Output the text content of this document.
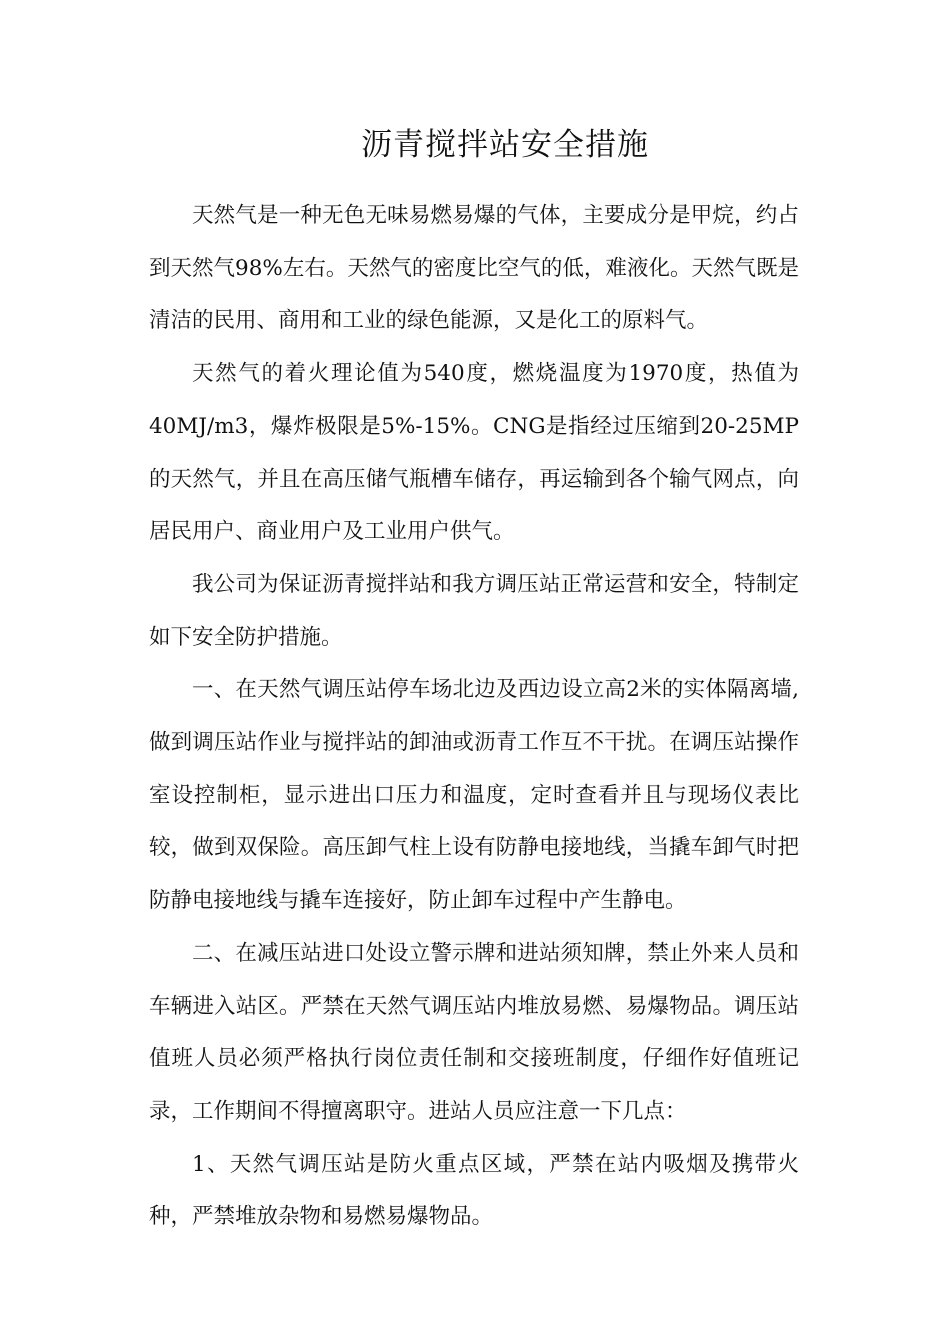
沥青搅拌站安全措施

天然气是一种无色无味易燃易爆的气体，主要成分是甲烷，约占到天然气98%左右。天然气的密度比空气的低，难液化。天然气既是清洁的民用、商用和工业的绿色能源，又是化工的原料气。

天然气的着火理论值为540度，燃烧温度为1970度，热值为40MJ/m3，爆炸极限是5%-15%。CNG是指经过压缩到20-25MP的天然气，并且在高压储气瓶槽车储存，再运输到各个输气网点，向居民用户、商业用户及工业用户供气。

我公司为保证沥青搅拌站和我方调压站正常运营和安全，特制定如下安全防护措施。

一、在天然气调压站停车场北边及西边设立高2米的实体隔离墙,做到调压站作业与搅拌站的卸油或沥青工作互不干扰。在调压站操作室设控制柜，显示进出口压力和温度，定时查看并且与现场仪表比较，做到双保险。高压卸气柱上设有防静电接地线，当撬车卸气时把防静电接地线与撬车连接好，防止卸车过程中产生静电。

二、在减压站进口处设立警示牌和进站须知牌，禁止外来人员和车辆进入站区。严禁在天然气调压站内堆放易燃、易爆物品。调压站值班人员必须严格执行岗位责任制和交接班制度，仔细作好值班记录，工作期间不得擅离职守。进站人员应注意一下几点：

1、天然气调压站是防火重点区域，严禁在站内吸烟及携带火种，严禁堆放杂物和易燃易爆物品。
